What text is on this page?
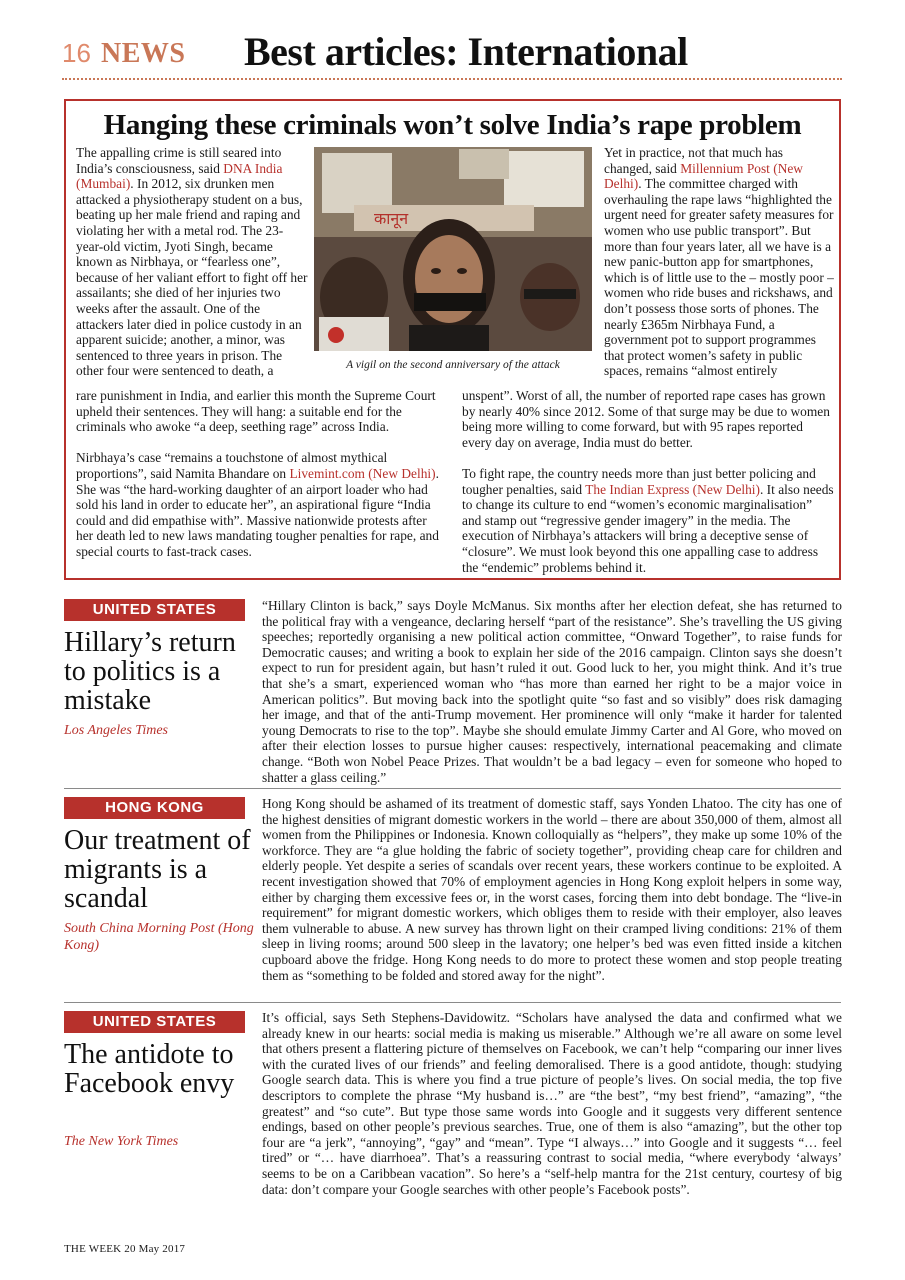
16 NEWS Best articles: International
Hanging these criminals won’t solve India’s rape problem
The appalling crime is still seared into India’s consciousness, said DNA India (Mumbai). In 2012, six drunken men attacked a physiotherapy student on a bus, beating up her male friend and raping and violating her with a metal rod. The 23-year-old victim, Jyoti Singh, became known as Nirbhaya, or “fearless one”, because of her valiant effort to fight off her assailants; she died of her injuries two weeks after the assault. One of the attackers later died in police custody in an apparent suicide; another, a minor, was sentenced to three years in prison. The other four were sentenced to death, a
कानून
A vigil on the second anniversary of the attack
rare punishment in India, and earlier this month the Supreme Court upheld their sentences. They will hang: a suitable end for the criminals who awoke “a deep, seething rage” across India.
Nirbhaya’s case “remains a touchstone of almost mythical proportions”, said Namita Bhandare on Livemint.com (New Delhi). She was “the hard-working daughter of an airport loader who had sold his land in order to educate her”, an aspirational figure “India could and did empathise with”. Massive nationwide protests after her death led to new laws mandating tougher penalties for rape, and special courts to fast-track cases.
Yet in practice, not that much has changed, said Millennium Post (New Delhi). The committee charged with overhauling the rape laws “highlighted the urgent need for greater safety measures for women who use public transport”. But more than four years later, all we have is a new panic-button app for smartphones, which is of little use to the – mostly poor – women who ride buses and rickshaws, and don’t possess those sorts of phones. The nearly £365m Nirbhaya Fund, a government pot to support programmes that protect women’s safety in public spaces, remains “almost entirely
unspent”. Worst of all, the number of reported rape cases has grown by nearly 40% since 2012. Some of that surge may be due to women being more willing to come forward, but with 95 rapes reported every day on average, India must do better.
To fight rape, the country needs more than just better policing and tougher penalties, said The Indian Express (New Delhi). It also needs to change its culture to end “women’s economic marginalisation” and stamp out “regressive gender imagery” in the media. The execution of Nirbhaya’s attackers will bring a deceptive sense of “closure”. We must look beyond this one appalling case to address the “endemic” problems behind it.
UNITED STATES
Hillary’s return to politics is a mistake
Los Angeles Times
“Hillary Clinton is back,” says Doyle McManus. Six months after her election defeat, she has returned to the political fray with a vengeance, declaring herself “part of the resistance”. She’s travelling the US giving speeches; reportedly organising a new political action committee, “Onward Together”, to raise funds for Democratic causes; and writing a book to explain her side of the 2016 campaign. Clinton says she doesn’t expect to run for president again, but hasn’t ruled it out. Good luck to her, you might think. And it’s true that she’s a smart, experienced woman who “has more than earned her right to be a major voice in American politics”. But moving back into the spotlight quite “so fast and so visibly” does risk damaging her image, and that of the anti-Trump movement. Her prominence will only “make it harder for talented young Democrats to rise to the top”. Maybe she should emulate Jimmy Carter and Al Gore, who moved on after their election losses to pursue higher causes: respectively, international peacemaking and climate change. “Both won Nobel Peace Prizes. That wouldn’t be a bad legacy – even for someone who hoped to shatter a glass ceiling.”
HONG KONG
Our treatment of migrants is a scandal
South China Morning Post (Hong Kong)
Hong Kong should be ashamed of its treatment of domestic staff, says Yonden Lhatoo. The city has one of the highest densities of migrant domestic workers in the world – there are about 350,000 of them, almost all women from the Philippines or Indonesia. Known colloquially as “helpers”, they make up some 10% of the workforce. They are “a glue holding the fabric of society together”, providing cheap care for children and elderly people. Yet despite a series of scandals over recent years, these workers continue to be exploited. A recent investigation showed that 70% of employment agencies in Hong Kong exploit helpers in some way, either by charging them excessive fees or, in the worst cases, forcing them into debt bondage. The “live-in requirement” for migrant domestic workers, which obliges them to reside with their employer, also leaves them vulnerable to abuse. A new survey has thrown light on their cramped living conditions: 21% of them sleep in living rooms; around 500 sleep in the lavatory; one helper’s bed was even fitted inside a kitchen cupboard above the fridge. Hong Kong needs to do more to protect these women and stop people treating them as “something to be folded and stored away for the night”.
UNITED STATES
The antidote to Facebook envy
The New York Times
It’s official, says Seth Stephens-Davidowitz. “Scholars have analysed the data and confirmed what we already knew in our hearts: social media is making us miserable.” Although we’re all aware on some level that others present a flattering picture of themselves on Facebook, we can’t help “comparing our inner lives with the curated lives of our friends” and feeling demoralised. There is a good antidote, though: studying Google search data. This is where you find a true picture of people’s lives. On social media, the top five descriptors to complete the phrase “My husband is…” are “the best”, “my best friend”, “amazing”, “the greatest” and “so cute”. But type those same words into Google and it suggests very different sentence endings, based on other people’s previous searches. True, one of them is also “amazing”, but the other top four are “a jerk”, “annoying”, “gay” and “mean”. Type “I always…” into Google and it suggests “… feel tired” or “… have diarrhoea”. That’s a reassuring contrast to social media, “where everybody ‘always’ seems to be on a Caribbean vacation”. So here’s a “self-help mantra for the 21st century, courtesy of big data: don’t compare your Google searches with other people’s Facebook posts”.
THE WEEK 20 May 2017
